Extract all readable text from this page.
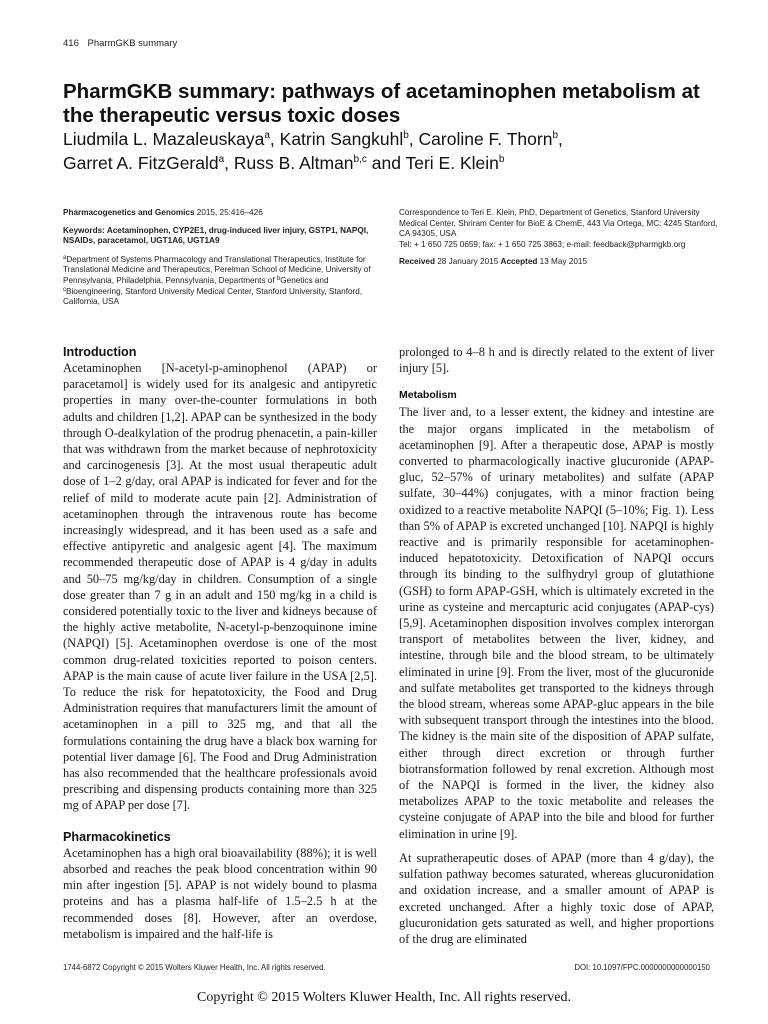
416 PharmGKB summary
PharmGKB summary: pathways of acetaminophen metabolism at the therapeutic versus toxic doses

Liudmila L. Mazaleuskaya$^a$, Katrin Sangkuhl$^b$, Caroline F. Thorn$^b$,
Garret A. FitzGerald$^a$, Russ B. Altman$^{b,c}$ and Teri E. Klein$^b$

Pharmacogenetics and Genomics 2015, 25:416–426

Keywords: Acetaminophen, CYP2E1, drug-induced liver injury, GSTP1, NAPQI, NSAIDs, paracetamol, UGT1A6, UGT1A9

$^a$Department of Systems Pharmacology and Translational Therapeutics, Institute for Translational Medicine and Therapeutics, Perelman School of Medicine, University of Pennsylvania, Philadelphia, Pennsylvania, Departments of $^b$Genetics and $^c$Bioengineering, Stanford University Medical Center, Stanford University, Stanford, California, USA

Correspondence to Teri E. Klein, PhD, Department of Genetics, Stanford University Medical Center, Shriram Center for BioE & ChemE, 443 Via Ortega, MC: 4245 Stanford, CA 94305, USA

Tel: + 1 650 725 0659; fax: + 1 650 725 3863; e-mail: feedback@pharmgkb.org

Received 28 January 2015 Accepted 13 May 2015

Introduction

Acetaminophen [N-acetyl-p-aminophenol (APAP) or paracetamol] is widely used for its analgesic and antipyretic properties in many over-the-counter formulations in both adults and children [1,2]. APAP can be synthesized in the body through O-dealkylation of the prodrug phenacetin, a pain-killer that was withdrawn from the market because of nephrotoxicity and carcinogenesis [3]. At the most usual therapeutic adult dose of 1–2 g/day, oral APAP is indicated for fever and for the relief of mild to moderate acute pain [2]. Administration of acetaminophen through the intravenous route has become increasingly widespread, and it has been used as a safe and effective antipyretic and analgesic agent [4]. The maximum recommended therapeutic dose of APAP is 4 g/day in adults and 50–75 mg/kg/day in children. Consumption of a single dose greater than 7 g in an adult and 150 mg/kg in a child is considered potentially toxic to the liver and kidneys because of the highly active metabolite, N-acetyl-p-benzoquinone imine (NAPQI) [5]. Acetaminophen overdose is one of the most common drug-related toxicities reported to poison centers. APAP is the main cause of acute liver failure in the USA [2,5]. To reduce the risk for hepatotoxicity, the Food and Drug Administration requires that manufacturers limit the amount of acetaminophen in a pill to 325 mg, and that all the formulations containing the drug have a black box warning for potential liver damage [6]. The Food and Drug Administration has also recommended that the healthcare professionals avoid prescribing and dispensing products containing more than 325 mg of APAP per dose [7].

Pharmacokinetics

Acetaminophen has a high oral bioavailability (88%); it is well absorbed and reaches the peak blood concentration within 90 min after ingestion [5]. APAP is not widely bound to plasma proteins and has a plasma half-life of 1.5–2.5 h at the recommended doses [8]. However, after an overdose, metabolism is impaired and the half-life is

prolonged to 4–8 h and is directly related to the extent of liver injury [5].

Metabolism

The liver and, to a lesser extent, the kidney and intestine are the major organs implicated in the metabolism of acetaminophen [9]. After a therapeutic dose, APAP is mostly converted to pharmacologically inactive glucuronide (APAP-gluc, 52–57% of urinary metabolites) and sulfate (APAP sulfate, 30–44%) conjugates, with a minor fraction being oxidized to a reactive metabolite NAPQI (5–10%; Fig. 1). Less than 5% of APAP is excreted unchanged [10]. NAPQI is highly reactive and is primarily responsible for acetaminophen-induced hepatotoxicity. Detoxification of NAPQI occurs through its binding to the sulfhydryl group of glutathione (GSH) to form APAP-GSH, which is ultimately excreted in the urine as cysteine and mercapturic acid conjugates (APAP-cys) [5,9]. Acetaminophen disposition involves complex interorgan transport of metabolites between the liver, kidney, and intestine, through bile and the blood stream, to be ultimately eliminated in urine [9]. From the liver, most of the glucuronide and sulfate metabolites get transported to the kidneys through the blood stream, whereas some APAP-gluc appears in the bile with subsequent transport through the intestines into the blood. The kidney is the main site of the disposition of APAP sulfate, either through direct excretion or through further biotransformation followed by renal excretion. Although most of the NAPQI is formed in the liver, the kidney also metabolizes APAP to the toxic metabolite and releases the cysteine conjugate of APAP into the bile and blood for further elimination in urine [9].

At supratherapeutic doses of APAP (more than 4 g/day), the sulfation pathway becomes saturated, whereas glucuronidation and oxidation increase, and a smaller amount of APAP is excreted unchanged. After a highly toxic dose of APAP, glucuronidation gets saturated as well, and higher proportions of the drug are eliminated

1744-6872 Copyright © 2015 Wolters Kluwer Health, Inc. All rights reserved.	DOI: 10.1097/FPC.0000000000000150
Copyright © 2015 Wolters Kluwer Health, Inc. All rights reserved.
